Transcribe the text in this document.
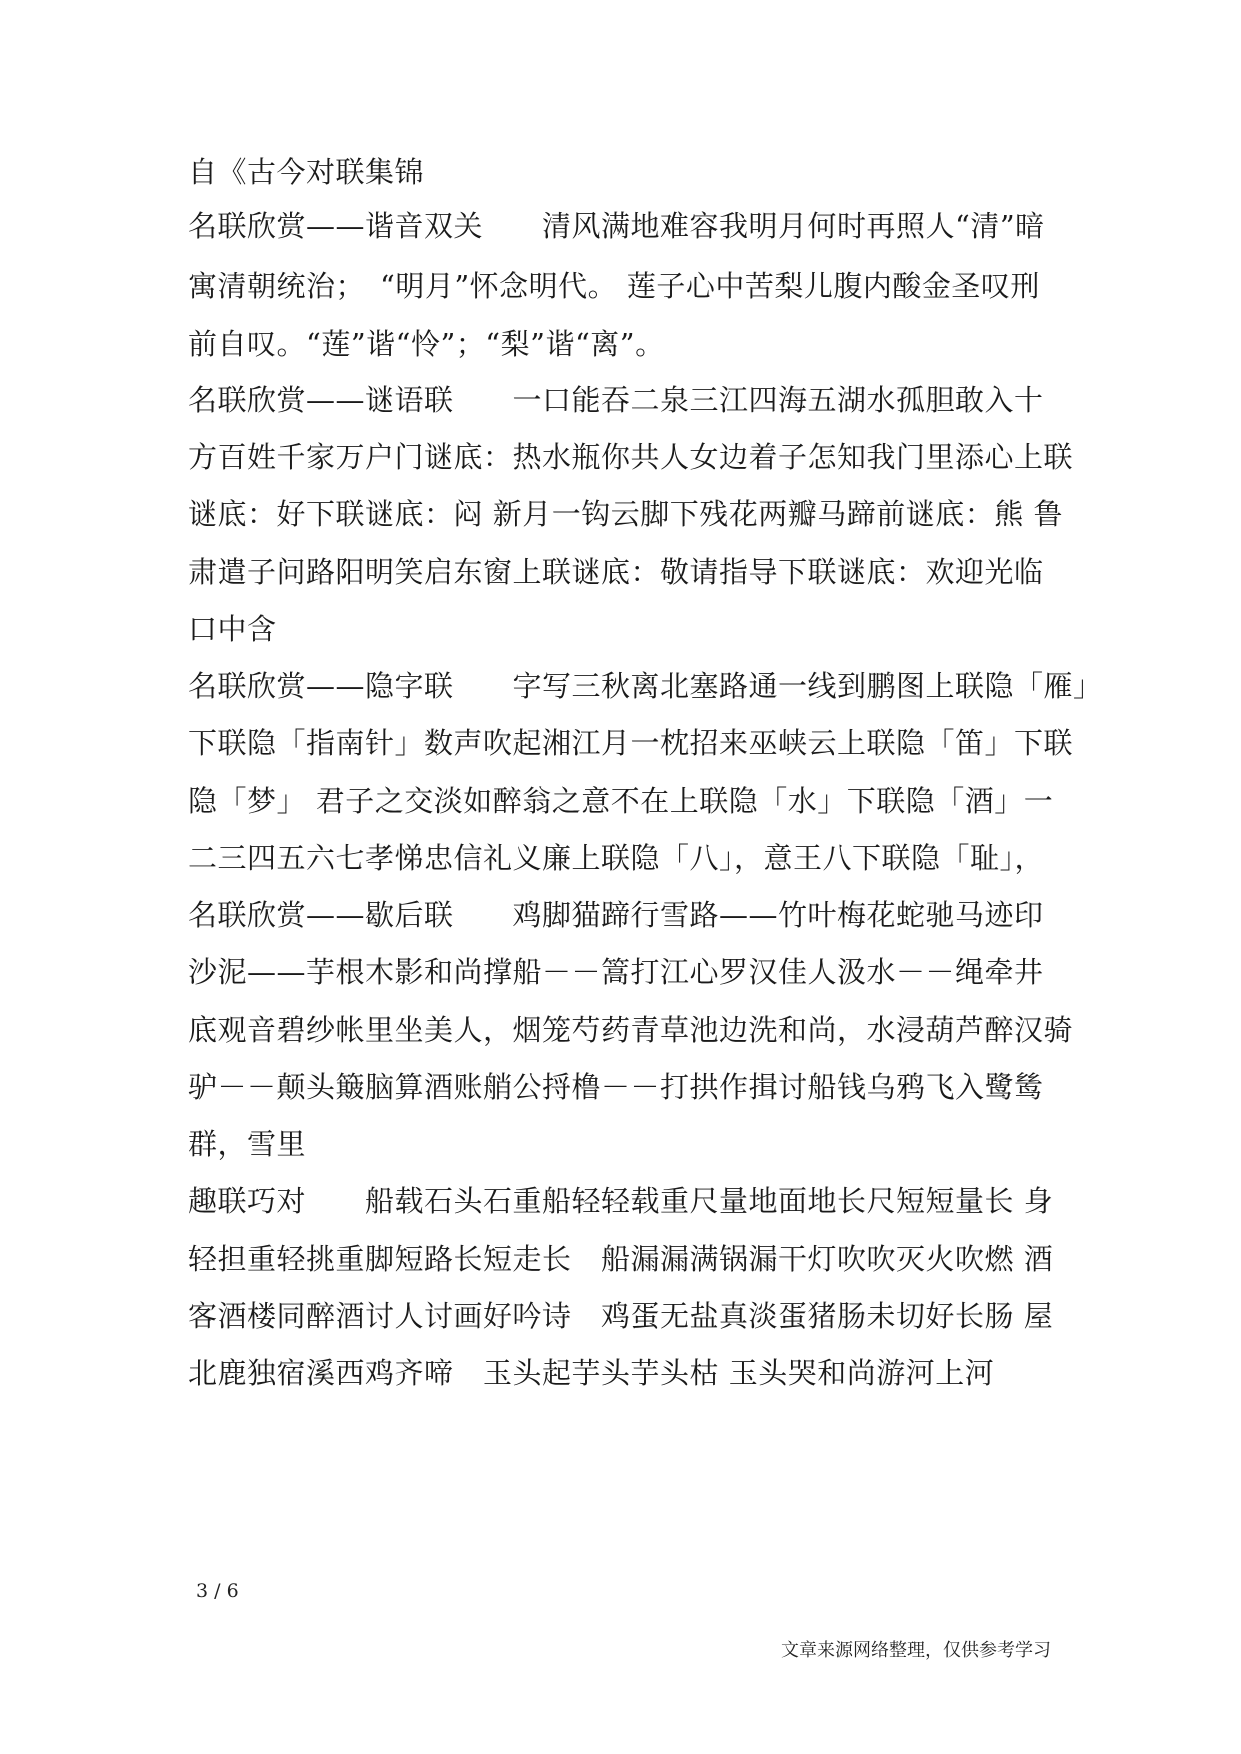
自《古今对联集锦
名联欣赏——谐音双关　　清风满地难容我明月何时再照人“清”暗
寓清朝统治；　“明月”怀念明代。 莲子心中苦梨儿腹内酸金圣叹刑
前自叹。“莲”谐“怜”；“梨”谐“离”。
名联欣赏——谜语联　　一口能吞二泉三江四海五湖水孤胆敢入十
方百姓千家万户门谜底：热水瓶你共人女边着子怎知我门里添心上联
谜底：好下联谜底：闷 新月一钩云脚下残花两瓣马蹄前谜底：熊 鲁
肃遣子问路阳明笑启东窗上联谜底：敬请指导下联谜底：欢迎光临
口中含
名联欣赏——隐字联　　字写三秋离北塞路通一线到鹏图上联隐「雁」
下联隐「指南针」数声吹起湘江月一枕招来巫峡云上联隐「笛」下联
隐「梦」 君子之交淡如醉翁之意不在上联隐「水」下联隐「酒」一
二三四五六七孝悌忠信礼义廉上联隐「八」，意王八下联隐「耻」，
名联欣赏——歇后联　　鸡脚猫蹄行雪路——竹叶梅花蛇驰马迹印
沙泥——芋根木影和尚撑船－－篙打江心罗汉佳人汲水－－绳牵井
底观音碧纱帐里坐美人，烟笼芍药青草池边洗和尚，水浸葫芦醉汉骑
驴－－颠头簸脑算酒账艄公捋橹－－打拱作揖讨船钱乌鸦飞入鹭鸶
群，雪里
趣联巧对　　船载石头石重船轻轻载重尺量地面地长尺短短量长 身
轻担重轻挑重脚短路长短走长　船漏漏满锅漏干灯吹吹灭火吹燃 酒
客酒楼同醉酒讨人讨画好吟诗　鸡蛋无盐真淡蛋猪肠未切好长肠 屋
北鹿独宿溪西鸡齐啼　玉头起芋头芋头枯 玉头哭和尚游河上河
3 / 6
文章来源网络整理，仅供参考学习
